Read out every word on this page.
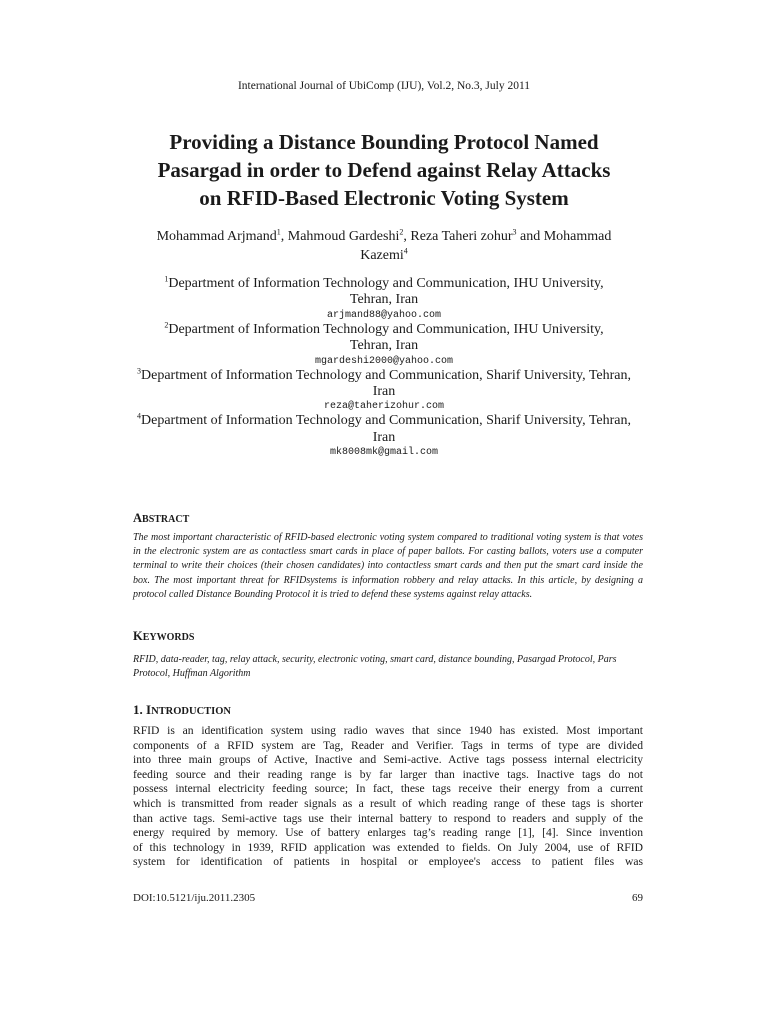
International Journal of UbiComp (IJU), Vol.2, No.3, July 2011
Providing a Distance Bounding Protocol Named
Pasargad in order to Defend against Relay Attacks
on RFID-Based Electronic Voting System
Mohammad Arjmand$^1$, Mahmoud Gardeshi$^2$, Reza Taheri zohur$^3$ and Mohammad
Kazemi$^4$
$^1$Department of Information Technology and Communication, IHU University,
Tehran, Iran
arjmand88@yahoo.com
$^2$Department of Information Technology and Communication, IHU University,
Tehran, Iran
mgardeshi2000@yahoo.com
$^3$Department of Information Technology and Communication, Sharif University, Tehran,
Iran
reza@taherizohur.com
$^4$Department of Information Technology and Communication, Sharif University, Tehran,
Iran
mk8008mk@gmail.com
ABSTRACT
The most important characteristic of RFID-based electronic voting system compared to traditional voting system is that votes in the electronic system are as contactless smart cards in place of paper ballots. For casting ballots, voters use a computer terminal to write their choices (their chosen candidates) into contactless smart cards and then put the smart card inside the box. The most important threat for RFIDsystems is information robbery and relay attacks. In this article, by designing a protocol called Distance Bounding Protocol it is tried to defend these systems against relay attacks.
KEYWORDS
RFID, data-reader, tag, relay attack, security, electronic voting, smart card, distance bounding, Pasargad Protocol, Pars Protocol, Huffman Algorithm
1. INTRODUCTION
RFID is an identification system using radio waves that since 1940 has existed. Most important
components of a RFID system are Tag, Reader and Verifier. Tags in terms of type are divided
into three main groups of Active, Inactive and Semi-active. Active tags possess internal electricity
feeding source and their reading range is by far larger than inactive tags. Inactive tags do not
possess internal electricity feeding source; In fact, these tags receive their energy from a current
which is transmitted from reader signals as a result of which reading range of these tags is shorter
than active tags. Semi-active tags use their internal battery to respond to readers and supply of the
energy required by memory. Use of battery enlarges tag’s reading range [1], [4]. Since invention
of this technology in 1939, RFID application was extended to fields. On July 2004, use of RFID
system for identification of patients in hospital or employee's access to patient files was
DOI:10.5121/iju.2011.2305	69
